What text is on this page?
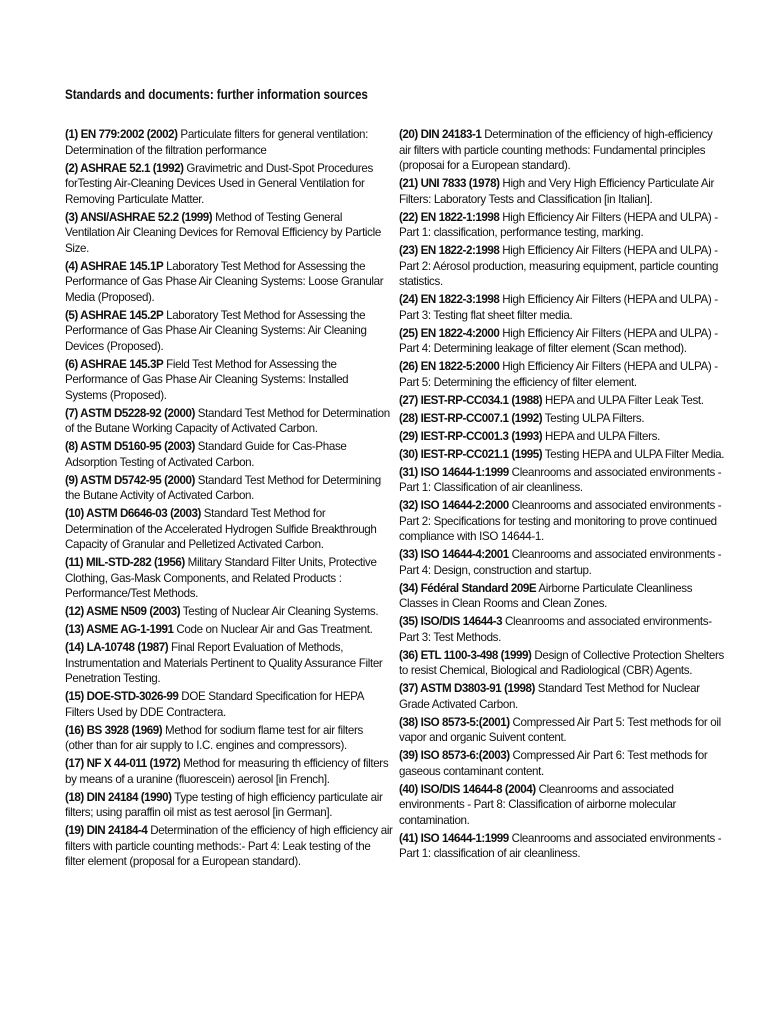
Standards and documents: further information sources
(1) EN 779:2002 (2002) Particulate filters for general ventilation: Determination of the filtration performance
(2) ASHRAE 52.1 (1992) Gravimetric and Dust-Spot Procedures forTesting Air-Cleaning Devices Used in General Ventilation for Removing Particulate Matter.
(3) ANSI/ASHRAE 52.2 (1999) Method of Testing General Ventilation Air Cleaning Devices for Removal Efficiency by Particle Size.
(4) ASHRAE 145.1P Laboratory Test Method for Assessing the Performance of Gas Phase Air Cleaning Systems: Loose Granular Media (Proposed).
(5) ASHRAE 145.2P Laboratory Test Method for Assessing the Performance of Gas Phase Air Cleaning Systems: Air Cleaning Devices (Proposed).
(6) ASHRAE 145.3P Field Test Method for Assessing the Performance of Gas Phase Air Cleaning Systems: Installed Systems (Proposed).
(7) ASTM D5228-92 (2000) Standard Test Method for Determination of the Butane Working Capacity of Activated Carbon.
(8) ASTM D5160-95 (2003) Standard Guide for Cas-Phase Adsorption Testing of Activated Carbon.
(9) ASTM D5742-95 (2000) Standard Test Method for Determining the Butane Activity of Activated Carbon.
(10) ASTM D6646-03 (2003) Standard Test Method for Determination of the Accelerated Hydrogen Sulfide Breakthrough Capacity of Granular and Pelletized Activated Carbon.
(11) MIL-STD-282 (1956) Military Standard Filter Units, Protective Clothing, Gas-Mask Components, and Related Products : Performance/Test Methods.
(12) ASME N509 (2003) Testing of Nuclear Air Cleaning Systems.
(13) ASME AG-1-1991 Code on Nuclear Air and Gas Treatment.
(14) LA-10748 (1987) Final Report Evaluation of Methods, Instrumentation and Materials Pertinent to Quality Assurance Filter Penetration Testing.
(15) DOE-STD-3026-99 DOE Standard Specification for HEPA Filters Used by DDE Contractera.
(16) BS 3928 (1969) Method for sodium flame test for air filters (other than for air supply to I.C. engines and compressors).
(17) NF X 44-011 (1972) Method for measuring th efficiency of filters by means of a uranine (fluorescein) aerosol [in French].
(18) DIN 24184 (1990) Type testing of high efficiency particulate air filters; using paraffin oil mist as test aerosol [in German].
(19) DIN 24184-4 Determination of the efficiency of high efficiency air filters with particle counting methods:- Part 4: Leak testing of the filter element (proposal for a European standard).
(20) DIN 24183-1 Determination of the efficiency of high-efficiency air filters with particle counting methods: Fundamental principles (proposai for a European standard).
(21) UNI 7833 (1978) High and Very High Efficiency Particulate Air Filters: Laboratory Tests and Classification [in Italian].
(22) EN 1822-1:1998 High Efficiency Air Filters (HEPA and ULPA) - Part 1: classification, performance testing, marking.
(23) EN 1822-2:1998 High Efficiency Air Filters (HEPA and ULPA) - Part 2: Aérosol production, measuring equipment, particle counting statistics.
(24) EN 1822-3:1998 High Efficiency Air Filters (HEPA and ULPA) - Part 3: Testing flat sheet filter media.
(25) EN 1822-4:2000 High Efficiency Air Filters (HEPA and ULPA) - Part 4: Determining leakage of filter element (Scan method).
(26) EN 1822-5:2000 High Efficiency Air Filters (HEPA and ULPA) - Part 5: Determining the efficiency of filter element.
(27) IEST-RP-CC034.1 (1988) HEPA and ULPA Filter Leak Test.
(28) IEST-RP-CC007.1 (1992) Testing ULPA Filters.
(29) IEST-RP-CC001.3 (1993) HEPA and ULPA Filters.
(30) IEST-RP-CC021.1 (1995) Testing HEPA and ULPA Filter Media.
(31) ISO 14644-1:1999 Cleanrooms and associated environments - Part 1: Classification of air cleanliness.
(32) ISO 14644-2:2000 Cleanrooms and associated environments - Part 2: Specifications for testing and monitoring to prove continued compliance with ISO 14644-1.
(33) ISO 14644-4:2001 Cleanrooms and associated environments - Part 4: Design, construction and startup.
(34) Fédéral Standard 209E Airborne Particulate Cleanliness Classes in Clean Rooms and Clean Zones.
(35) ISO/DIS 14644-3 Cleanrooms and associated environments- Part 3: Test Methods.
(36) ETL 1100-3-498 (1999) Design of Collective Protection Shelters to resist Chemical, Biological and Radiological (CBR) Agents.
(37) ASTM D3803-91 (1998) Standard Test Method for Nuclear Grade Activated Carbon.
(38) ISO 8573-5:(2001) Compressed Air Part 5: Test methods for oil vapor and organic Suivent content.
(39) ISO 8573-6:(2003) Compressed Air Part 6: Test methods for gaseous contaminant content.
(40) ISO/DIS 14644-8 (2004) Cleanrooms and associated environments - Part 8: Classification of airborne molecular contamination.
(41) ISO 14644-1:1999 Cleanrooms and associated environments - Part 1: classification of air cleanliness.
